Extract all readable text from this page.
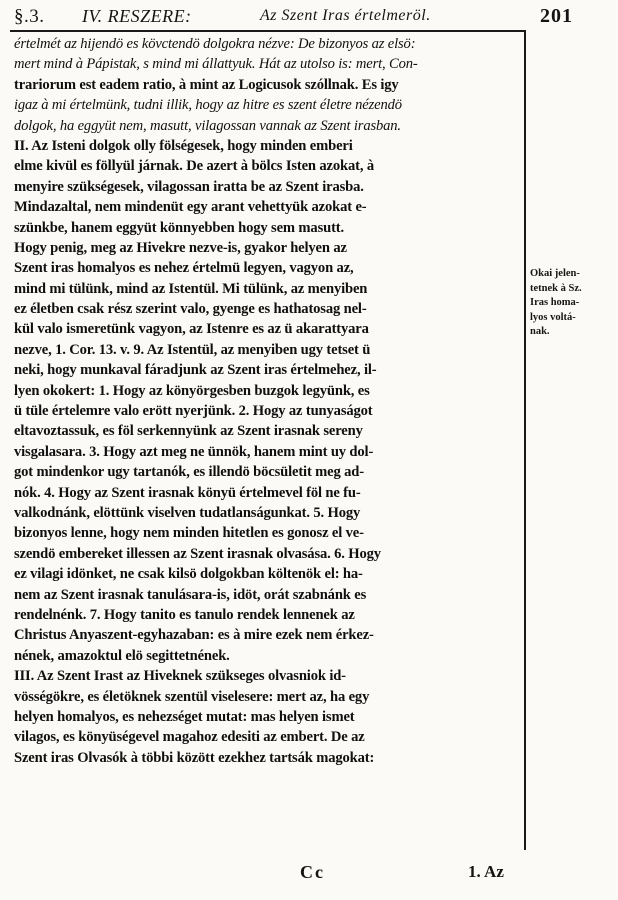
§.3. IV. RESZERE:	Az Szent Iras értelmeröl.	201
értelmét az hijendö es kövctendö dolgokra nézve: De bizonyos az elsö:
mert mind à Pápistak, s mind mi állattyuk. Hát az utolso is: mert, Con-
trariorum est eadem ratio, à mint az Logicusok szóllnak. Es igy
igaz à mi értelmünk, tudni illik, hogy az hitre es szent életre nézendö
dolgok, ha eggyüt nem, masutt, vilagossan vannak az Szent irasban.
II. Az Isteni dolgok olly fölségesek, hogy minden emberi
elme kivül es föllyül járnak. De azert à bölcs Isten azokat, à
menyire szükségesek, vilagossan iratta be az Szent irasba.
Mindazaltal, nem mindenüt egy arant vehettyük azokat e-
szünkbe, hanem eggyüt könnyebben hogy sem masutt.
Hogy penig, meg az Hivekre nezve-is, gyakor helyen az
Szent iras homalyos es nehez értelmü legyen, vagyon az,
mind mi tülünk, mind az Istentül. Mi tülünk, az menyiben
ez életben csak rész szerint valo, gyenge es hathatosag nel-
kül valo ismeretünk vagyon, az Istenre es az ü akarattyara
nezve, 1. Cor. 13. v. 9. Az Istentül, az menyiben ugy tetset ü
neki, hogy munkaval fáradjunk az Szent iras értelmehez, il-
lyen okokert: 1. Hogy az könyörgesben buzgok legyünk, es
ü tüle értelemre valo erött nyerjünk. 2. Hogy az tunyaságot
eltavoztassuk, es föl serkennyünk az Szent irasnak sereny
visgalasara. 3. Hogy azt meg ne ünnök, hanem mint uy dol-
got mindenkor ugy tartanók, es illendö böcsületit meg ad-
nók. 4. Hogy az Szent irasnak könyü értelmevel föl ne fu-
valkodnánk, elöttünk viselven tudatlanságunkat. 5. Hogy
bizonyos lenne, hogy nem minden hitetlen es gonosz el ve-
szendö embereket illessen az Szent irasnak olvasása. 6. Hogy
ez vilagi idönket, ne csak kilsö dolgokban költenök el: ha-
nem az Szent irasnak tanulásara-is, idöt, orát szabnánk es
rendelnénk. 7. Hogy tanito es tanulo rendek lennenek az
Christus Anyaszent-egyhazaban: es à mire ezek nem érkez-
nének, amazoktul elö segittetnének.
III. Az Szent Irast az Hiveknek szükseges olvasniok id-
vösségökre, es életöknek szentül viselesere: mert az, ha egy
helyen homalyos, es nehezséget mutat: mas helyen ismet
vilagos, es könyüségevel magahoz edesiti az embert. De az
Szent iras Olvasók à többi között ezekhez tartsák magokat:
Okai jelen-
tetnek à Sz.
Iras homa-
lyos voltá-
nak.
Cc	1. Az
